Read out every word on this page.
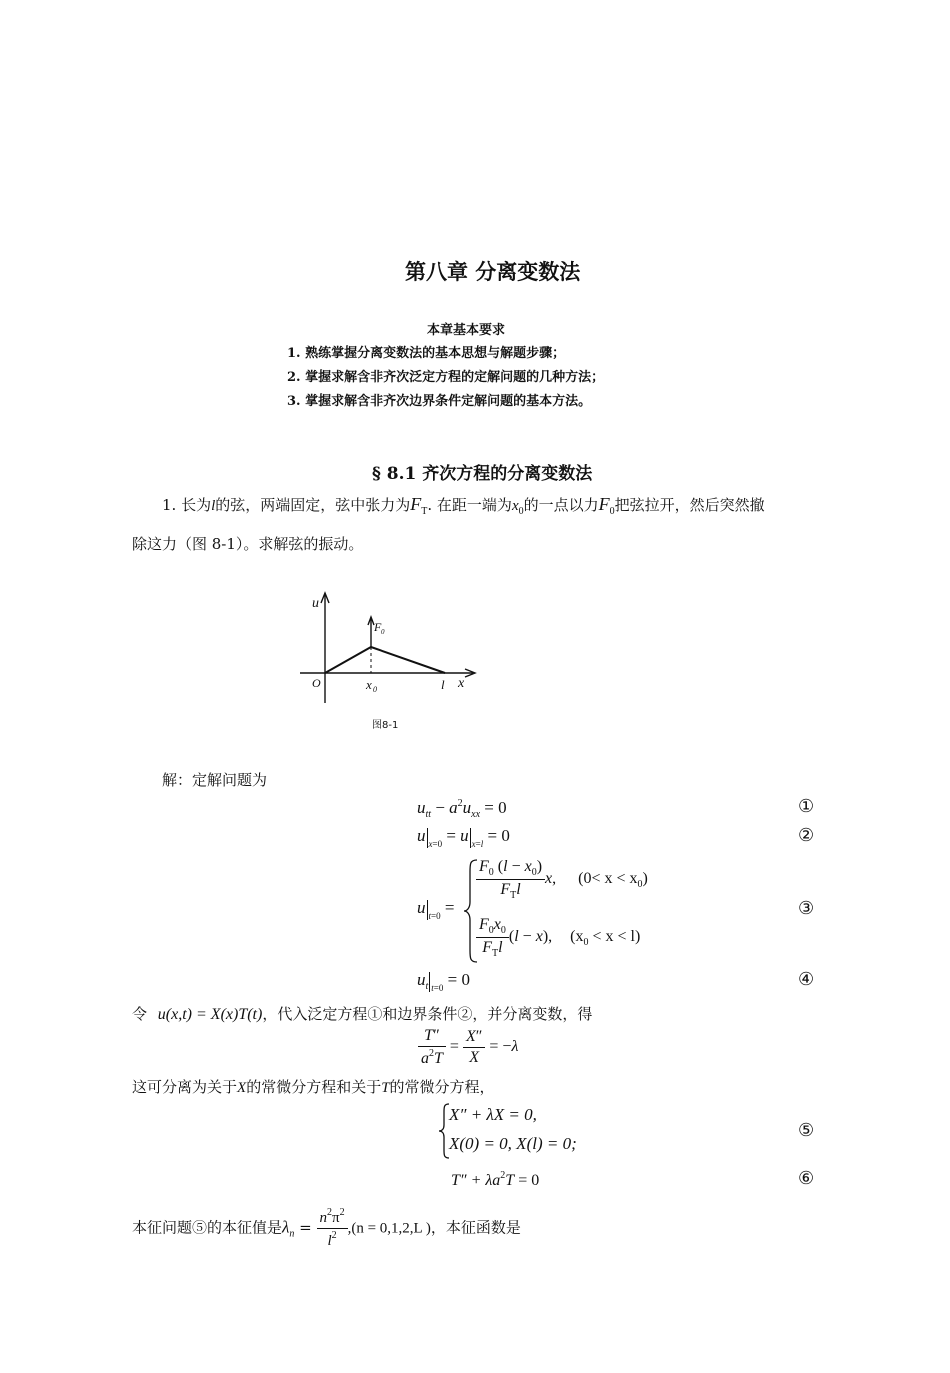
第八章 分离变数法
本章基本要求
1. 熟练掌握分离变数法的基本思想与解题步骤；
2. 掌握求解含非齐次泛定方程的定解问题的几种方法；
3. 掌握求解含非齐次边界条件定解问题的基本方法。
§ 8.1 齐次方程的分离变数法
1. 长为l的弦，两端固定，弦中张力为$F_T$. 在距一端为$x_0$的一点以力$F_0$把弦拉开，然后突然撤
除这力（图 8-1）。求解弦的振动。
u
F 0
O	x 0	l x
图8-1
解：定解问题为
$u_{tt} - a^2u_{xx} = 0$	①
u $_{x=0}$ = u $_{x=l}$ = 0	②
u $_{t=0}$ =
$\frac{F_0 (l - x_0)}{F_Tl} x$, $(0< x < x_0)$
$\frac{F_0x_0}{F_Tl} (l - x)$, $(x_0 < x < l)$
③
$u_t$ $_{t=0}$ = 0	④
令 u(x,t) = X(x)T(t)，代入泛定方程①和边界条件②，并分离变数，得
$\frac{T''}{a^2T} = \frac{X''}{X} = -\lambda$
这可分离为关于X的常微分方程和关于T的常微分方程，
X″ + λX = 0,
X(0) = 0, X(l) = 0;
⑤
$T'' + \lambda a^2T = 0$	⑥
本征问题⑤的本征值是$\lambda_n = \frac{n^2\pi^2}{l^2} ,(n = 0,1,2,L$ )，本征函数是
